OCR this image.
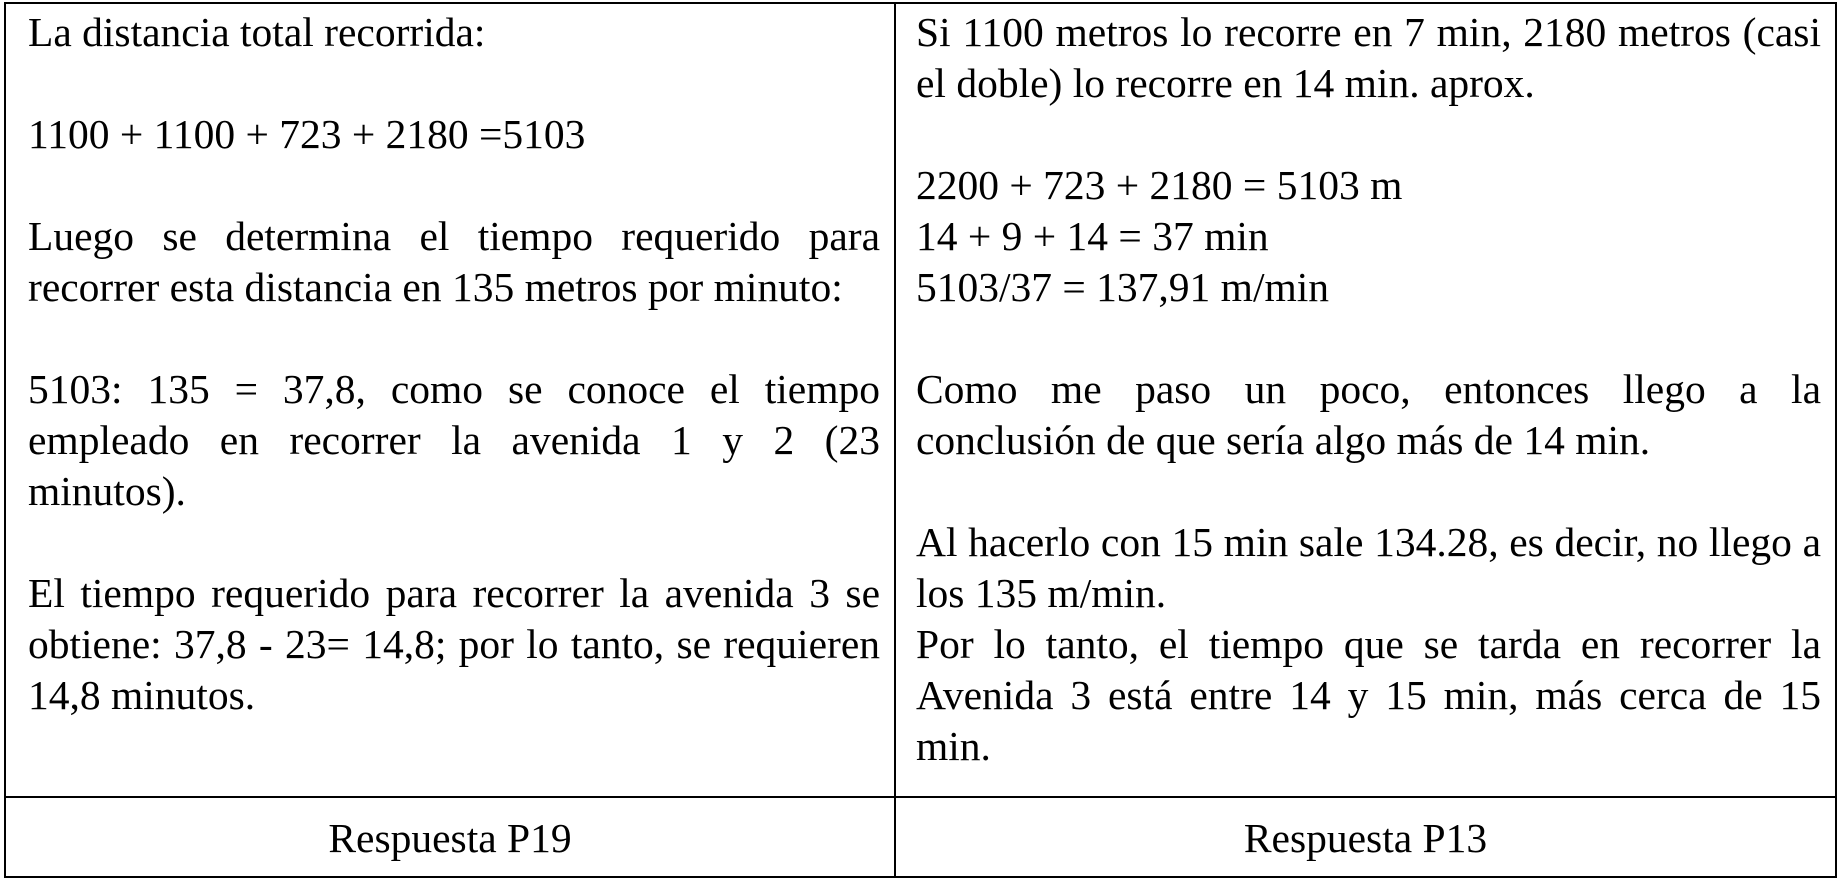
La distancia total recorrida:

1100 + 1100 + 723 + 2180 =5103

Luego se determina el tiempo requerido para recorrer esta distancia en 135 metros por minuto:

5103: 135 = 37,8, como se conoce el tiempo empleado en recorrer la avenida 1 y 2 (23 minutos).

El tiempo requerido para recorrer la avenida 3 se obtiene: 37,8 - 23= 14,8; por lo tanto, se requieren 14,8 minutos.

Si 1100 metros lo recorre en 7 min, 2180 metros (casi el doble) lo recorre en 14 min. aprox.

2200 + 723 + 2180 = 5103 m

14 + 9 + 14 = 37 min

5103/37 = 137,91 m/min

Como me paso un poco, entonces llego a la conclusión de que sería algo más de 14 min.

Al hacerlo con 15 min sale 134.28, es decir, no llego a los 135 m/min.

Por lo tanto, el tiempo que se tarda en recorrer la Avenida 3 está entre 14 y 15 min, más cerca de 15 min.

Respuesta P19	Respuesta P13
